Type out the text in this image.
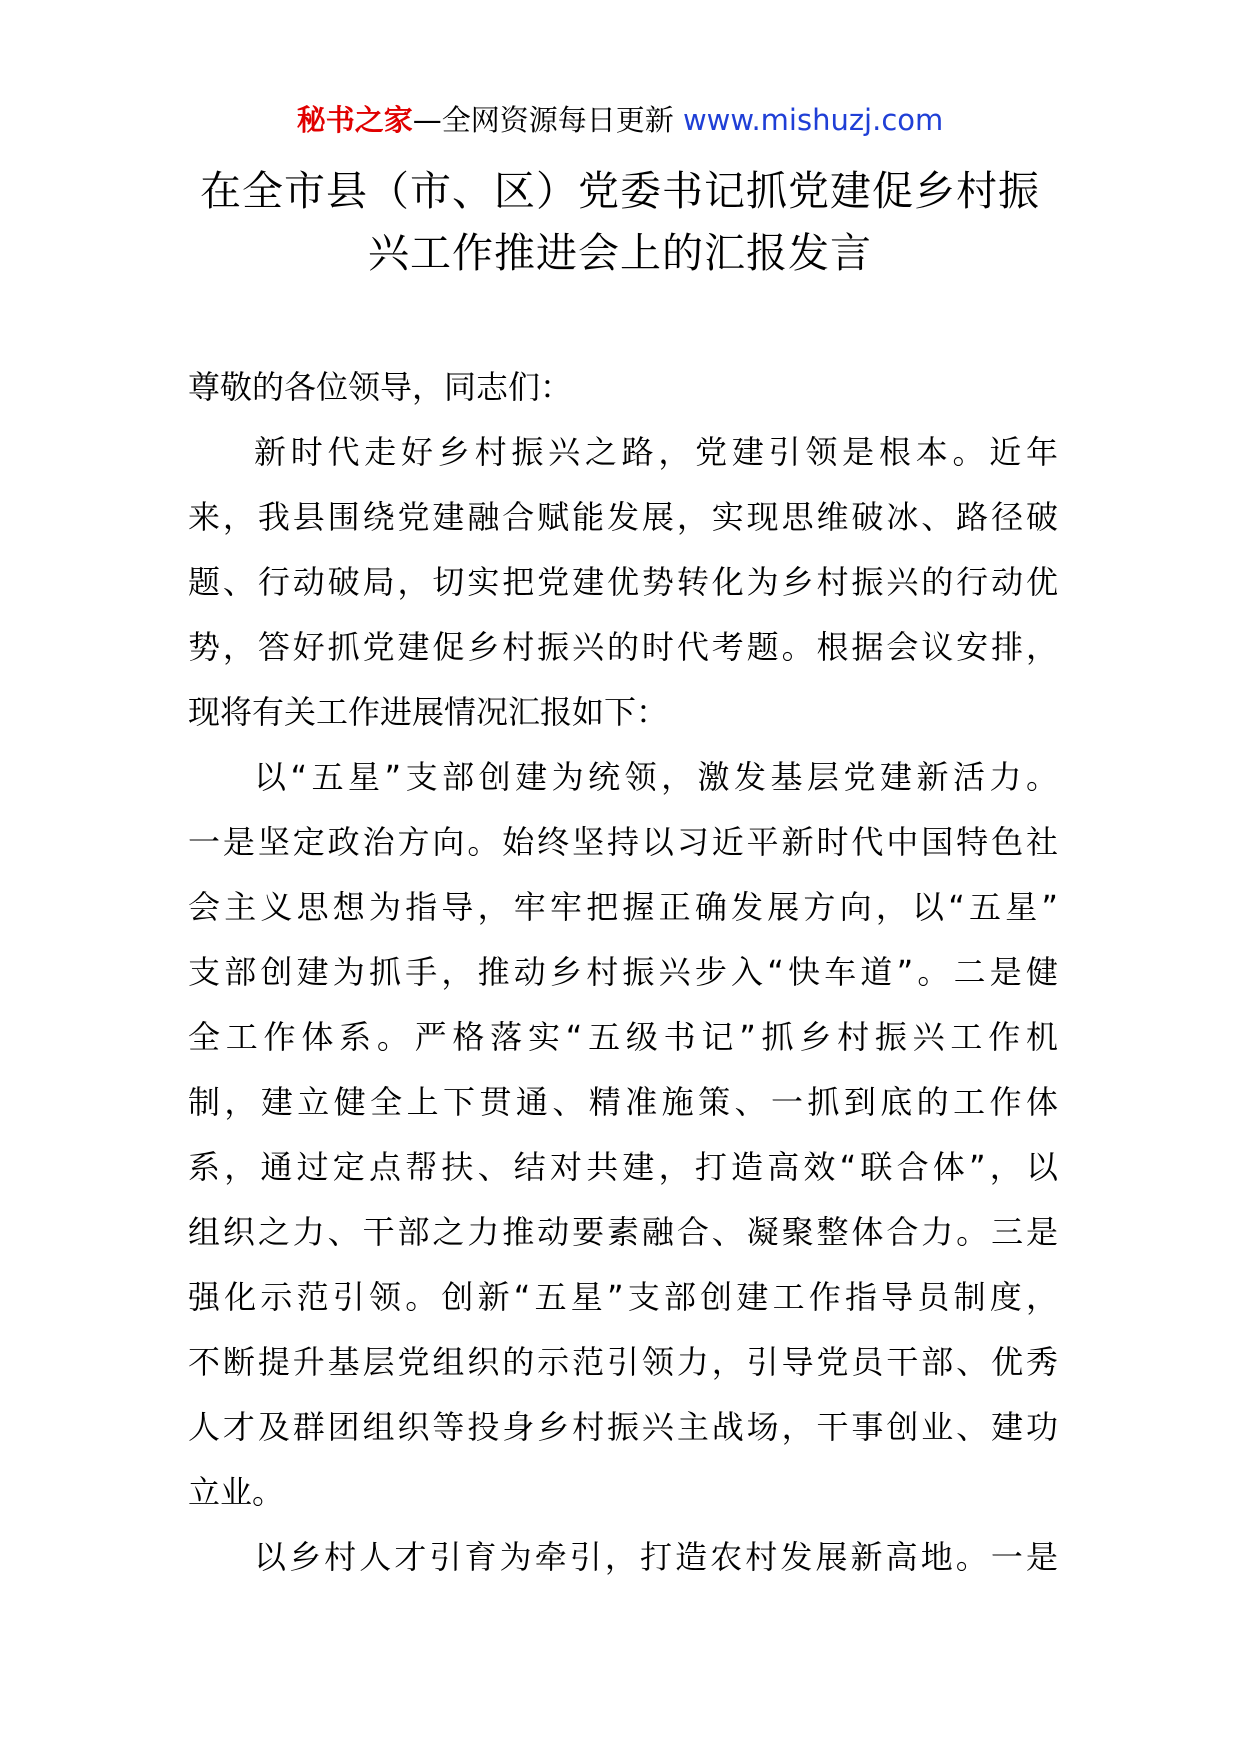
秘书之家—全网资源每日更新 www.mishuzj.com
在全市县（市、区）党委书记抓党建促乡村振
兴工作推进会上的汇报发言
尊敬的各位领导，同志们：
新时代走好乡村振兴之路，党建引领是根本。近年
来，我县围绕党建融合赋能发展，实现思维破冰、路径破
题、行动破局，切实把党建优势转化为乡村振兴的行动优
势，答好抓党建促乡村振兴的时代考题。根据会议安排，
现将有关工作进展情况汇报如下：
以“五星”支部创建为统领，激发基层党建新活力。
一是坚定政治方向。始终坚持以习近平新时代中国特色社
会主义思想为指导，牢牢把握正确发展方向，以“五星”
支部创建为抓手，推动乡村振兴步入“快车道”。二是健
全工作体系。严格落实“五级书记”抓乡村振兴工作机
制，建立健全上下贯通、精准施策、一抓到底的工作体
系，通过定点帮扶、结对共建，打造高效“联合体”，以
组织之力、干部之力推动要素融合、凝聚整体合力。三是
强化示范引领。创新“五星”支部创建工作指导员制度，
不断提升基层党组织的示范引领力，引导党员干部、优秀
人才及群团组织等投身乡村振兴主战场，干事创业、建功
立业。
以乡村人才引育为牵引，打造农村发展新高地。一是
